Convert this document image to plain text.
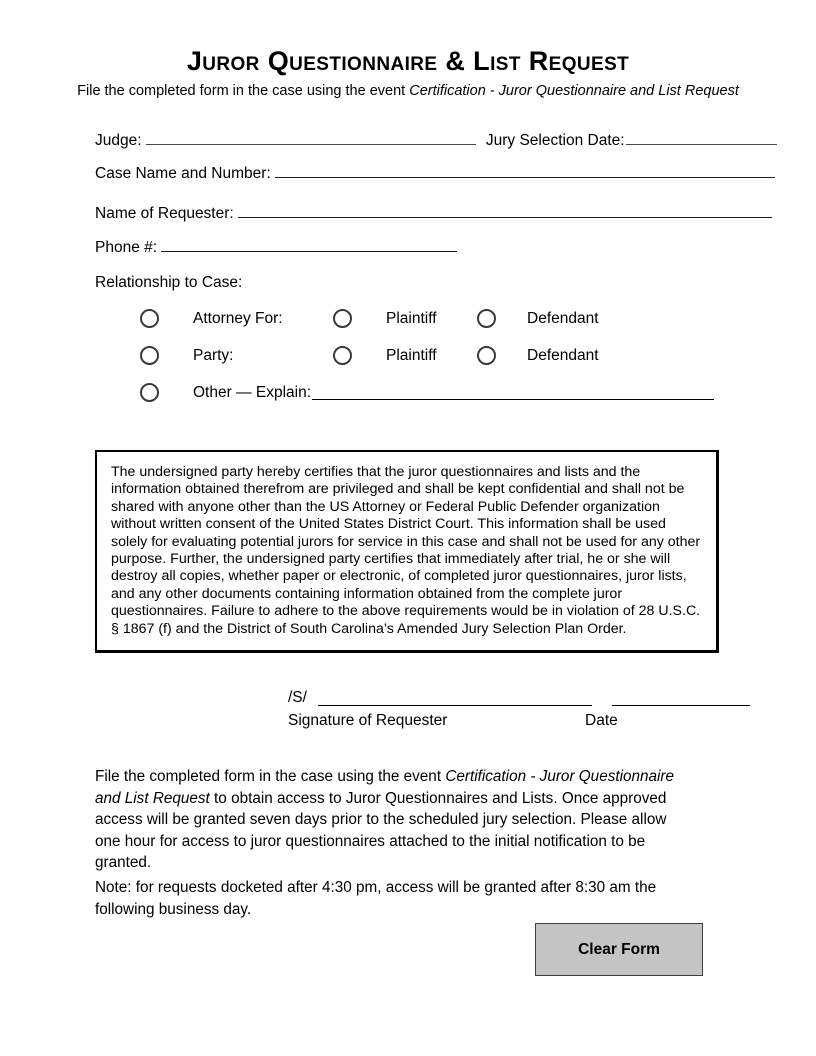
Juror Questionnaire & List Request
File the completed form in the case using the event Certification - Juror Questionnaire and List Request
Judge:	Jury Selection Date:
Case Name and Number:
Name of Requester:
Phone #:
Relationship to Case:
Attorney For:	Plaintiff	Defendant
Party:	Plaintiff	Defendant
Other — Explain:

The undersigned party hereby certifies that the juror questionnaires and lists and the information obtained therefrom are privileged and shall be kept confidential and shall not be shared with anyone other than the US Attorney or Federal Public Defender organization without written consent of the United States District Court. This information shall be used solely for evaluating potential jurors for service in this case and shall not be used for any other purpose. Further, the undersigned party certifies that immediately after trial, he or she will destroy all copies, whether paper or electronic, of completed juror questionnaires, juror lists, and any other documents containing information obtained from the complete juror questionnaires. Failure to adhere to the above requirements would be in violation of 28 U.S.C. § 1867 (f) and the District of South Carolina’s Amended Jury Selection Plan Order.

/S/
Signature of Requester	Date

File the completed form in the case using the event Certification - Juror Questionnaire and List Request to obtain access to Juror Questionnaires and Lists. Once approved access will be granted seven days prior to the scheduled jury selection. Please allow one hour for access to juror questionnaires attached to the initial notification to be granted.

Note: for requests docketed after 4:30 pm, access will be granted after 8:30 am the following business day.

Clear Form
